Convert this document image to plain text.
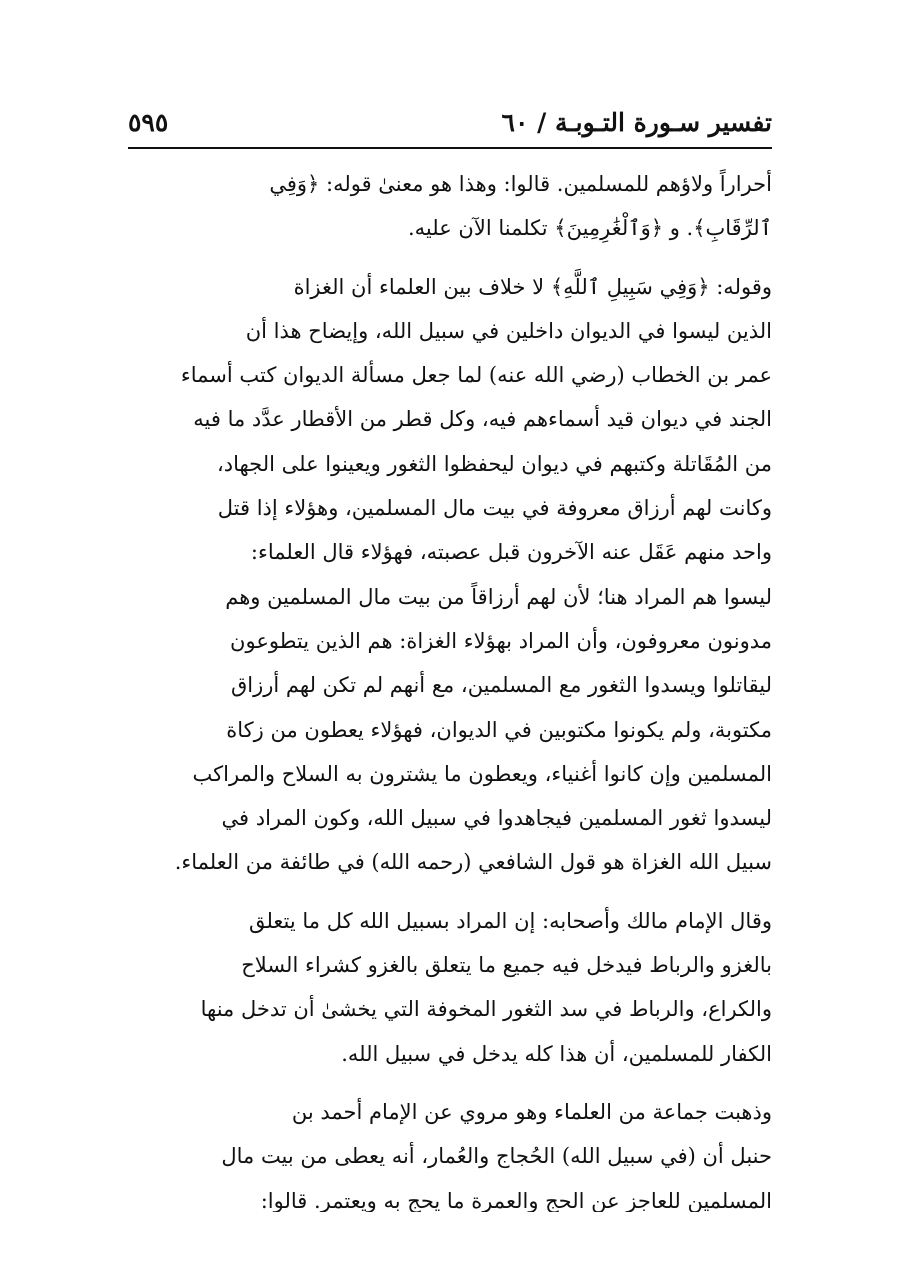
تفسير سـورة التـوبـة / ٦٠
٥٩٥

أحراراً ولاؤهم للمسلمين. قالوا: وهذا هو معنىٰ قوله: ﴿وَفِي
ٱلرِّقَابِ﴾. و ﴿وَٱلْغَٰرِمِينَ﴾ تكلمنا الآن عليه.

وقوله: ﴿وَفِي سَبِيلِ ٱللَّهِ﴾ لا خلاف بين العلماء أن الغزاة
الذين ليسوا في الديوان داخلين في سبيل الله، وإيضاح هذا أن
عمر بن الخطاب (رضي الله عنه) لما جعل مسألة الديوان كتب أسماء
الجند في ديوان قيد أسماءهم فيه، وكل قطر من الأقطار عدَّد ما فيه
من المُقَاتلة وكتبهم في ديوان ليحفظوا الثغور ويعينوا على الجهاد،
وكانت لهم أرزاق معروفة في بيت مال المسلمين، وهؤلاء إذا قتل
واحد منهم عَقَل عنه الآخرون قبل عصبته، فهؤلاء قال العلماء:
ليسوا هم المراد هنا؛ لأن لهم أرزاقاً من بيت مال المسلمين وهم
مدونون معروفون، وأن المراد بهؤلاء الغزاة: هم الذين يتطوعون
ليقاتلوا ويسدوا الثغور مع المسلمين، مع أنهم لم تكن لهم أرزاق
مكتوبة، ولم يكونوا مكتوبين في الديوان، فهؤلاء يعطون من زكاة
المسلمين وإن كانوا أغنياء، ويعطون ما يشترون به السلاح والمراكب
ليسدوا ثغور المسلمين فيجاهدوا في سبيل الله، وكون المراد في
سبيل الله الغزاة هو قول الشافعي (رحمه الله) في طائفة من العلماء.

وقال الإمام مالك وأصحابه: إن المراد بسبيل الله كل ما يتعلق
بالغزو والرباط فيدخل فيه جميع ما يتعلق بالغزو كشراء السلاح
والكراع، والرباط في سد الثغور المخوفة التي يخشىٰ أن تدخل منها
الكفار للمسلمين، أن هذا كله يدخل في سبيل الله.

وذهبت جماعة من العلماء وهو مروي عن الإمام أحمد بن
حنبل أن (في سبيل الله) الحُجاج والعُمار، أنه يعطى من بيت مال
المسلمين للعاجز عن الحج والعمرة ما يحج به ويعتمر. قالوا:
